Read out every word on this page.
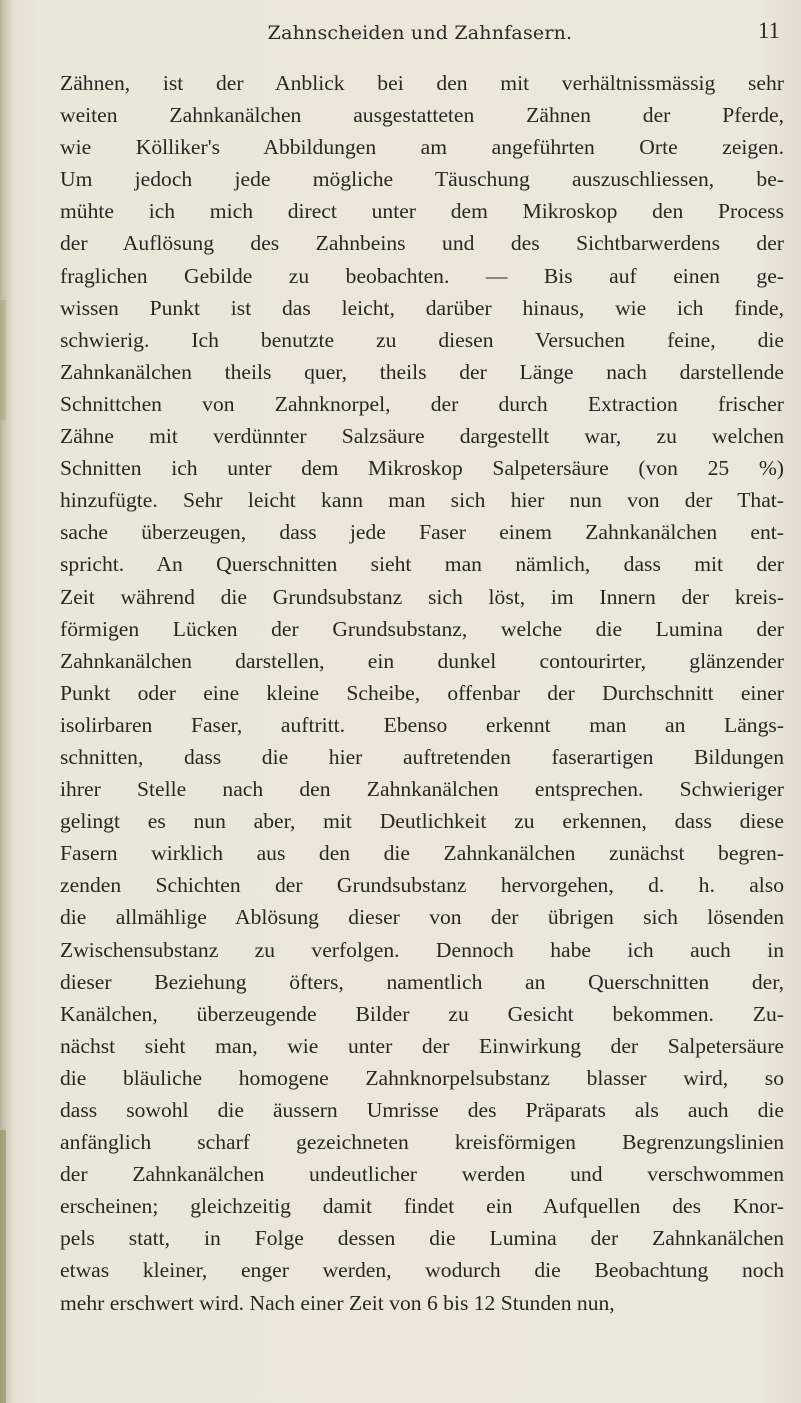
Zahnscheiden und Zahnfasern.	11
Zähnen, ist der Anblick bei den mit verhältnissmässig sehr
weiten Zahnkanälchen ausgestatteten Zähnen der Pferde,
wie Kölliker's Abbildungen am angeführten Orte zeigen.
Um jedoch jede mögliche Täuschung auszuschliessen, be-
mühte ich mich direct unter dem Mikroskop den Process
der Auflösung des Zahnbeins und des Sichtbarwerdens der
fraglichen Gebilde zu beobachten. — Bis auf einen ge-
wissen Punkt ist das leicht, darüber hinaus, wie ich finde,
schwierig. Ich benutzte zu diesen Versuchen feine, die
Zahnkanälchen theils quer, theils der Länge nach darstellende
Schnittchen von Zahnknorpel, der durch Extraction frischer
Zähne mit verdünnter Salzsäure dargestellt war, zu welchen
Schnitten ich unter dem Mikroskop Salpetersäure (von 25 %)
hinzufügte. Sehr leicht kann man sich hier nun von der That-
sache überzeugen, dass jede Faser einem Zahnkanälchen ent-
spricht. An Querschnitten sieht man nämlich, dass mit der
Zeit während die Grundsubstanz sich löst, im Innern der kreis-
förmigen Lücken der Grundsubstanz, welche die Lumina der
Zahnkanälchen darstellen, ein dunkel contourirter, glänzender
Punkt oder eine kleine Scheibe, offenbar der Durchschnitt einer
isolirbaren Faser, auftritt. Ebenso erkennt man an Längs-
schnitten, dass die hier auftretenden faserartigen Bildungen
ihrer Stelle nach den Zahnkanälchen entsprechen. Schwieriger
gelingt es nun aber, mit Deutlichkeit zu erkennen, dass diese
Fasern wirklich aus den die Zahnkanälchen zunächst begren-
zenden Schichten der Grundsubstanz hervorgehen, d. h. also
die allmählige Ablösung dieser von der übrigen sich lösenden
Zwischensubstanz zu verfolgen. Dennoch habe ich auch in
dieser Beziehung öfters, namentlich an Querschnitten der,
Kanälchen, überzeugende Bilder zu Gesicht bekommen. Zu-
nächst sieht man, wie unter der Einwirkung der Salpetersäure
die bläuliche homogene Zahnknorpelsubstanz blasser wird, so
dass sowohl die äussern Umrisse des Präparats als auch die
anfänglich scharf gezeichneten kreisförmigen Begrenzungslinien
der Zahnkanälchen undeutlicher werden und verschwommen
erscheinen; gleichzeitig damit findet ein Aufquellen des Knor-
pels statt, in Folge dessen die Lumina der Zahnkanälchen
etwas kleiner, enger werden, wodurch die Beobachtung noch
mehr erschwert wird. Nach einer Zeit von 6 bis 12 Stunden nun,
